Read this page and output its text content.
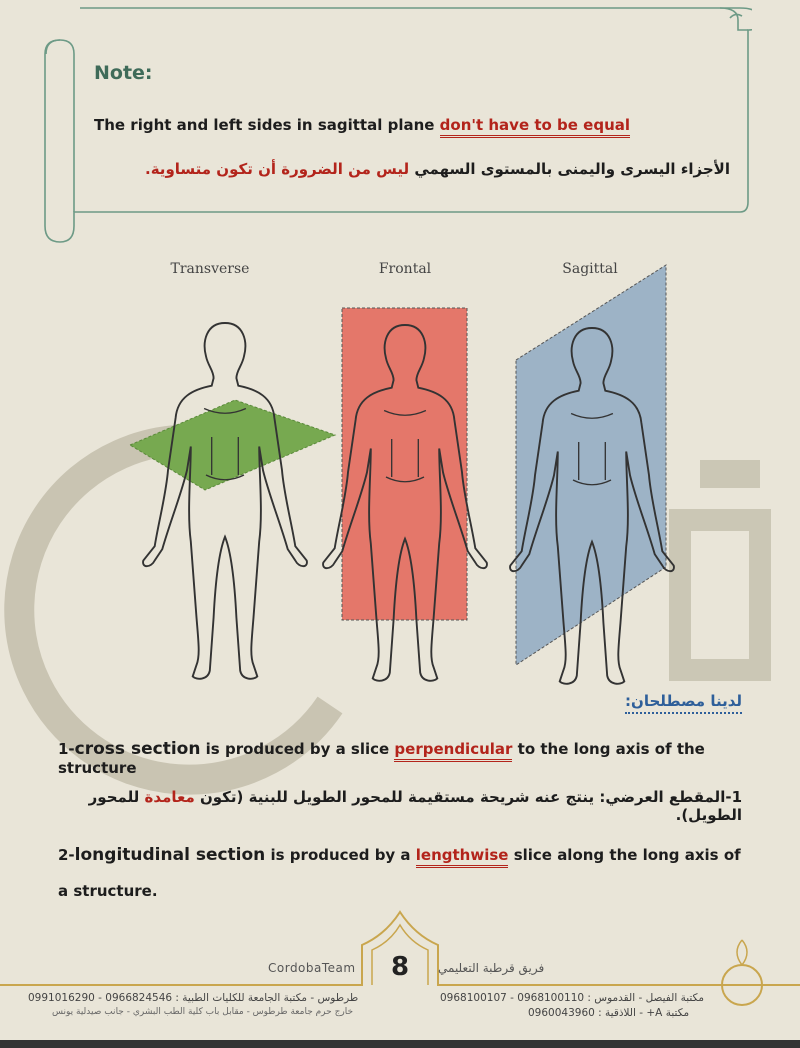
Note:
The right and left sides in sagittal plane don't have to be equal
الأجزاء اليسرى واليمنى بالمستوى السهمي ليس من الضرورة أن تكون متساوية.
Transverse	Frontal	Sagittal
لدينا مصطلحان:
1-cross section is produced by a slice perpendicular to the long axis of the structure
1-المقطع العرضي: ينتج عنه شريحة مستقيمة للمحور الطويل للبنية (تكون معامدة للمحور الطويل).
2-longitudinal section is produced by a lengthwise slice along the long axis of a structure.
CordobaTeam	8	فريق قرطبة التعليمي
طرطوس - مكتبة الجامعة للكليات الطبية : 0966824546 - 0991016290
خارج حرم جامعة طرطوس - مقابل باب كلية الطب البشري - جانب صيدلية يونس
مكتبة الفيصل - القدموس : 0968100110 - 0968100107
مكتبة A+ - اللاذقية : 0960043960
